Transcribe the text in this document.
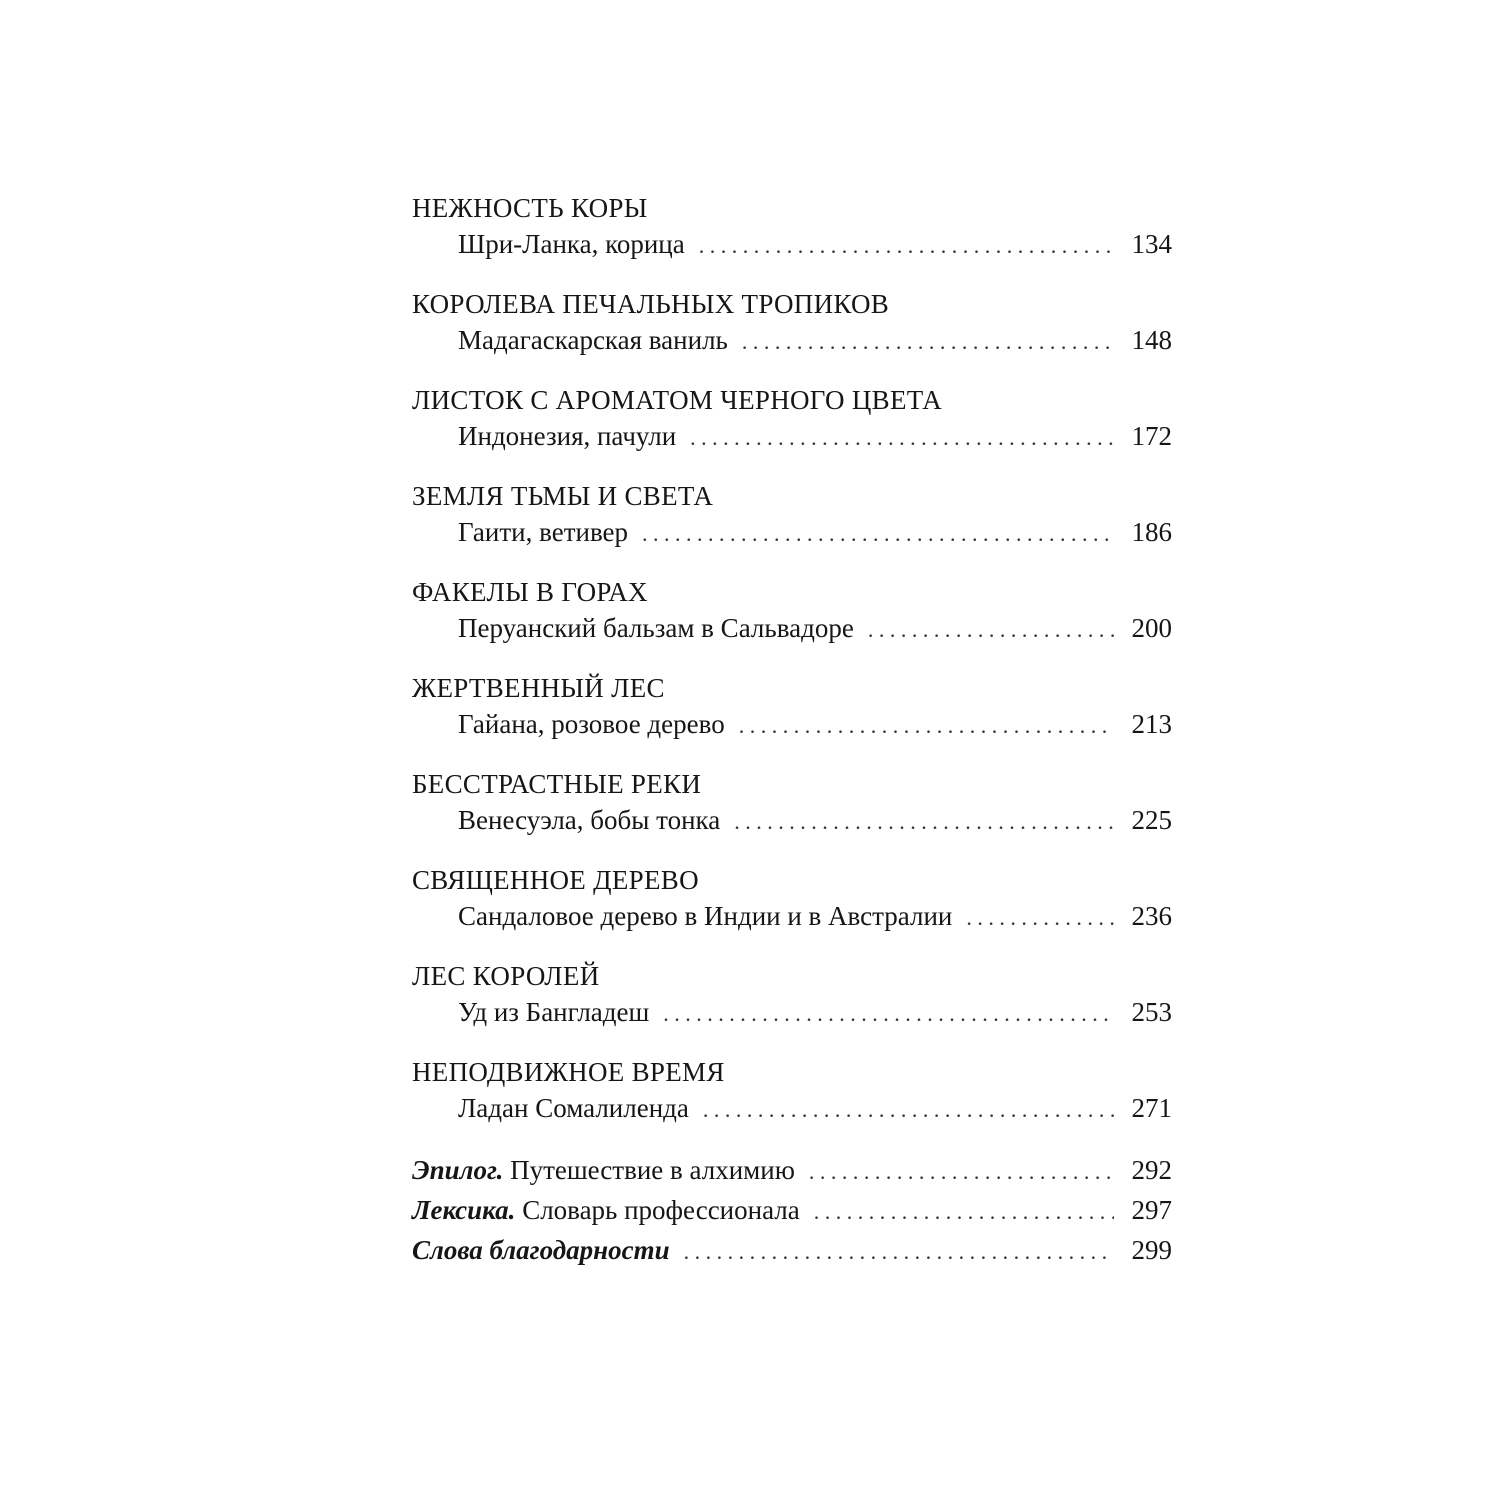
НЕЖНОСТЬ КОРЫ
Шри-Ланка, корица . . .	134
КОРОЛЕВА ПЕЧАЛЬНЫХ ТРОПИКОВ
Мадагаскарская ваниль . . .	148
ЛИСТОК С АРОМАТОМ ЧЕРНОГО ЦВЕТА
Индонезия, пачули . . .	172
ЗЕМЛЯ ТЬМЫ И СВЕТА
Гаити, ветивер . . .	186
ФАКЕЛЫ В ГОРАХ
Перуанский бальзам в Сальвадоре . . .	200
ЖЕРТВЕННЫЙ ЛЕС
Гайана, розовое дерево . . .	213
БЕССТРАСТНЫЕ РЕКИ
Венесуэла, бобы тонка . . .	225
СВЯЩЕННОЕ ДЕРЕВО
Сандаловое дерево в Индии и в Австралии . . .	236
ЛЕС КОРОЛЕЙ
Уд из Бангладеш . . .	253
НЕПОДВИЖНОЕ ВРЕМЯ
Ладан Сомалиленда . . .	271
Эпилог. Путешествие в алхимию . . .	292
Лексика. Словарь профессионала . . .	297
Слова благодарности . . .	299
